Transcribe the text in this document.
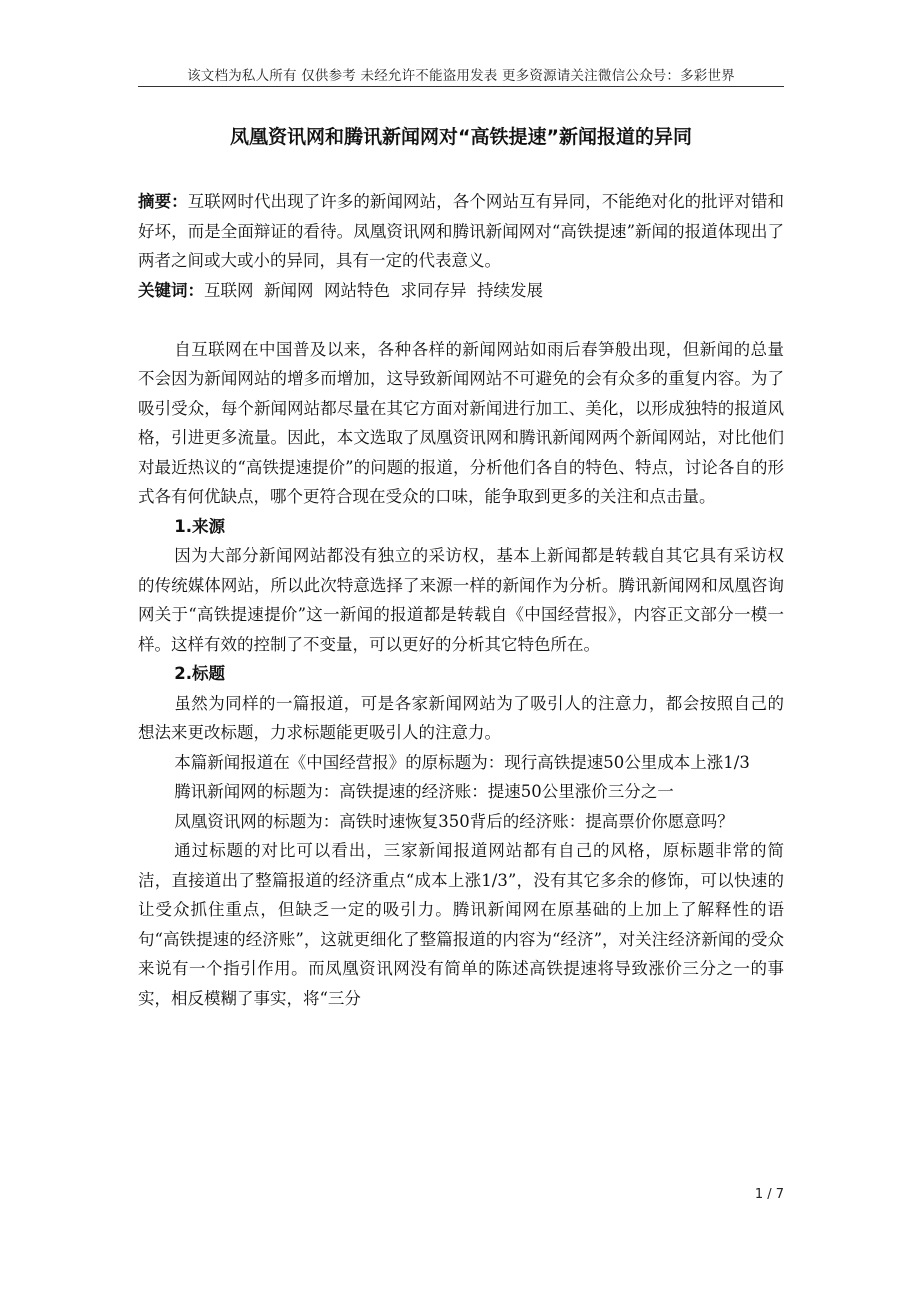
该文档为私人所有 仅供参考 未经允许不能盗用发表 更多资源请关注微信公众号：多彩世界
凤凰资讯网和腾讯新闻网对“高铁提速”新闻报道的异同

摘要：互联网时代出现了许多的新闻网站，各个网站互有异同，不能绝对化的批评对错和好坏，而是全面辩证的看待。凤凰资讯网和腾讯新闻网对“高铁提速”新闻的报道体现出了两者之间或大或小的异同，具有一定的代表意义。

关键词：互联网  新闻网  网站特色  求同存异  持续发展

自互联网在中国普及以来，各种各样的新闻网站如雨后春笋般出现，但新闻的总量不会因为新闻网站的增多而增加，这导致新闻网站不可避免的会有众多的重复内容。为了吸引受众，每个新闻网站都尽量在其它方面对新闻进行加工、美化，以形成独特的报道风格，引进更多流量。因此，本文选取了凤凰资讯网和腾讯新闻网两个新闻网站，对比他们对最近热议的“高铁提速提价”的问题的报道，分析他们各自的特色、特点，讨论各自的形式各有何优缺点，哪个更符合现在受众的口味，能争取到更多的关注和点击量。

1.来源

因为大部分新闻网站都没有独立的采访权，基本上新闻都是转载自其它具有采访权的传统媒体网站，所以此次特意选择了来源一样的新闻作为分析。腾讯新闻网和凤凰咨询网关于“高铁提速提价”这一新闻的报道都是转载自《中国经营报》，内容正文部分一模一样。这样有效的控制了不变量，可以更好的分析其它特色所在。

2.标题

虽然为同样的一篇报道，可是各家新闻网站为了吸引人的注意力，都会按照自己的想法来更改标题，力求标题能更吸引人的注意力。

本篇新闻报道在《中国经营报》的原标题为：现行高铁提速50公里成本上涨1/3

腾讯新闻网的标题为：高铁提速的经济账：提速50公里涨价三分之一

凤凰资讯网的标题为：高铁时速恢复350背后的经济账：提高票价你愿意吗？

通过标题的对比可以看出，三家新闻报道网站都有自己的风格，原标题非常的简洁，直接道出了整篇报道的经济重点“成本上涨1/3”，没有其它多余的修饰，可以快速的让受众抓住重点，但缺乏一定的吸引力。腾讯新闻网在原基础的上加上了解释性的语句“高铁提速的经济账”，这就更细化了整篇报道的内容为“经济”，对关注经济新闻的受众来说有一个指引作用。而凤凰资讯网没有简单的陈述高铁提速将导致涨价三分之一的事实，相反模糊了事实，将“三分

1 / 7
